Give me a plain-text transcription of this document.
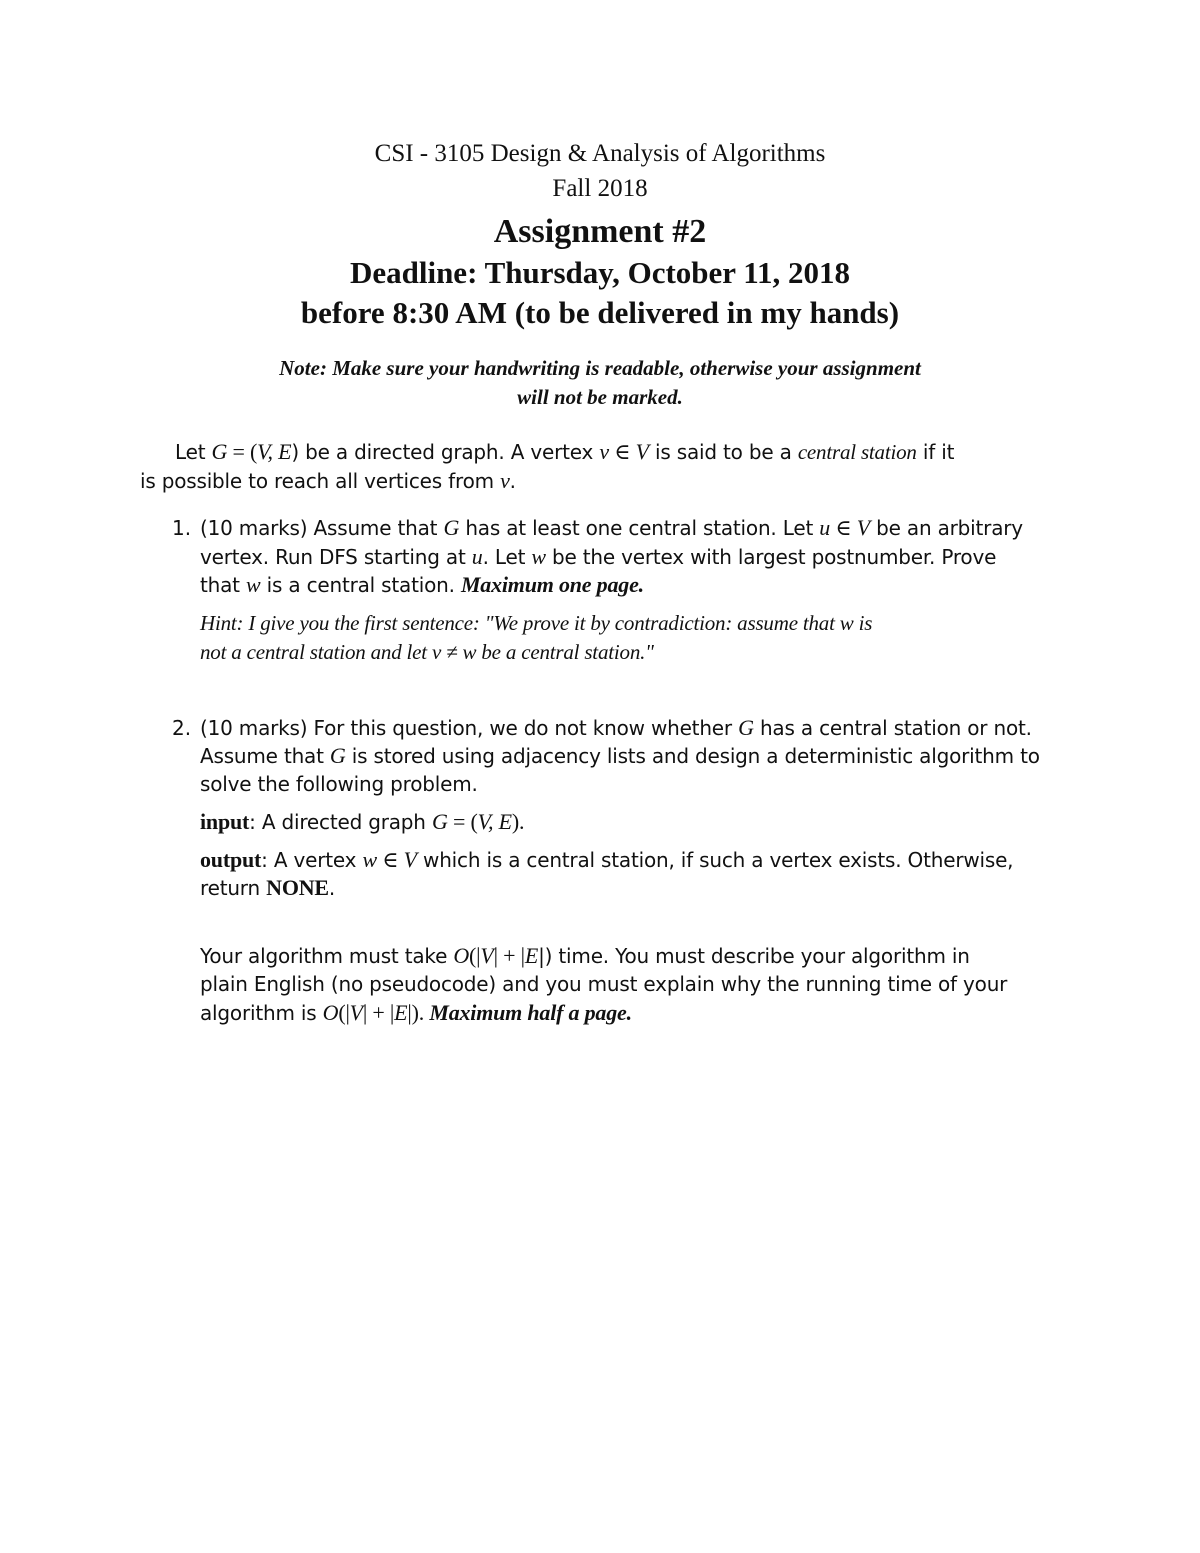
CSI - 3105 Design & Analysis of Algorithms
Fall 2018
Assignment #2
Deadline: Thursday, October 11, 2018
before 8:30 AM (to be delivered in my hands)
Note: Make sure your handwriting is readable, otherwise your assignment
will not be marked.
Let G = (V, E) be a directed graph. A vertex v ∈ V is said to be a central station if it
is possible to reach all vertices from v.
1. (10 marks) Assume that G has at least one central station. Let u ∈ V be an arbitrary
vertex. Run DFS starting at u. Let w be the vertex with largest postnumber. Prove
that w is a central station. Maximum one page.
Hint: I give you the first sentence: "We prove it by contradiction: assume that w is
not a central station and let v ≠ w be a central station."
2. (10 marks) For this question, we do not know whether G has a central station or not.
Assume that G is stored using adjacency lists and design a deterministic algorithm to
solve the following problem.
input: A directed graph G = (V, E).
output: A vertex w ∈ V which is a central station, if such a vertex exists. Otherwise,
return NONE.
Your algorithm must take O(|V| + |E|) time. You must describe your algorithm in
plain English (no pseudocode) and you must explain why the running time of your
algorithm is O(|V| + |E|). Maximum half a page.
